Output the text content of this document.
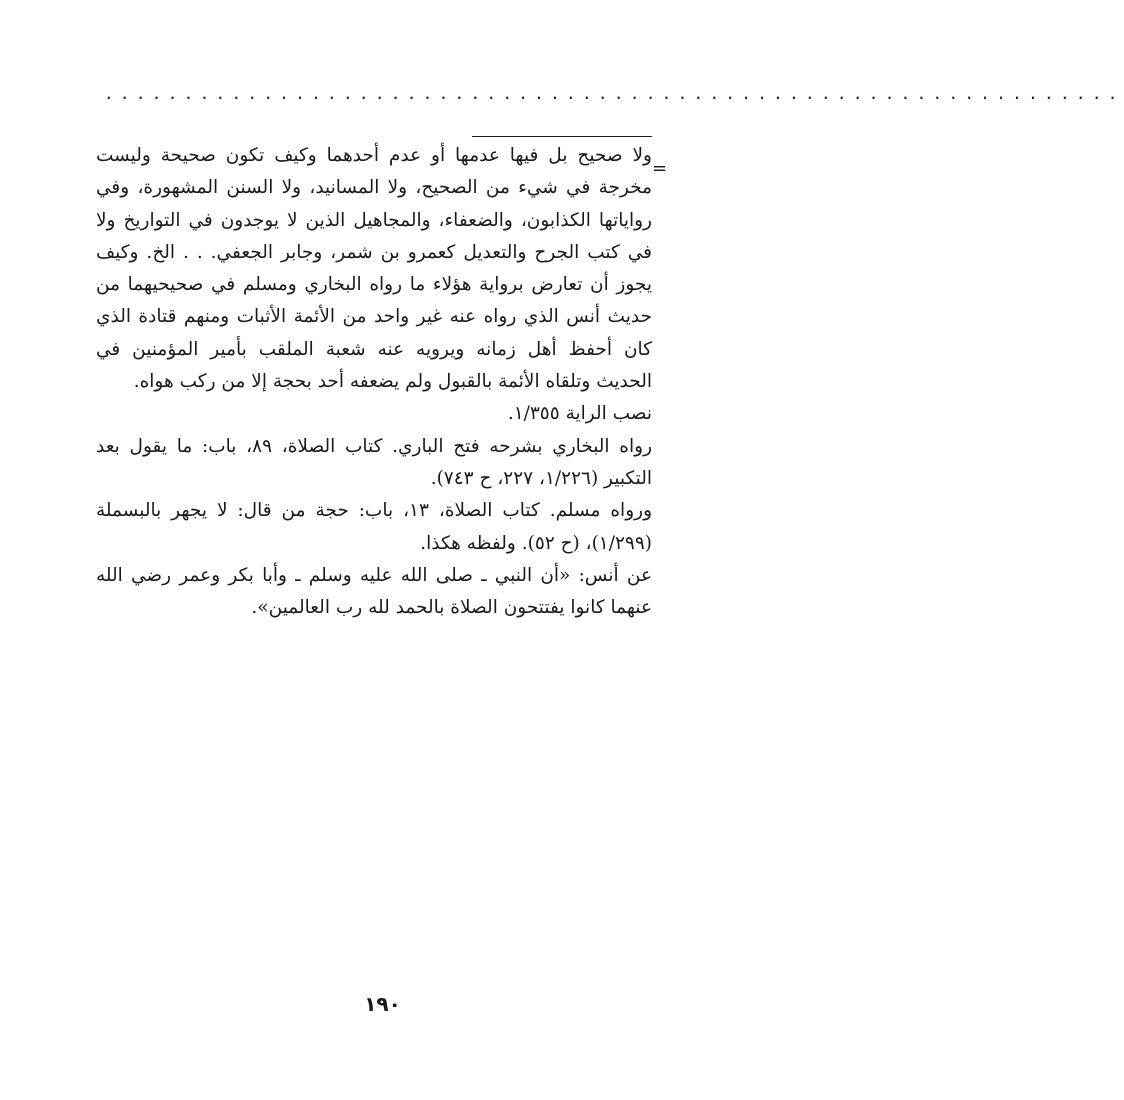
................................................................
=

ولا صحيح بل فيها عدمها أو عدم أحدهما وكيف تكون صحيحة وليست مخرجة في شيء من الصحيح، ولا المسانيد، ولا السنن المشهورة، وفي رواياتها الكذابون، والضعفاء، والمجاهيل الذين لا يوجدون في التواريخ ولا في كتب الجرح والتعديل كعمرو بن شمر، وجابر الجعفي. . . الخ. وكيف يجوز أن تعارض برواية هؤلاء ما رواه البخاري ومسلم في صحيحيهما من حديث أنس الذي رواه عنه غير واحد من الأئمة الأثبات ومنهم قتادة الذي كان أحفظ أهل زمانه ويرويه عنه شعبة الملقب بأمير المؤمنين في الحديث وتلقاه الأئمة بالقبول ولم يضعفه أحد بحجة إلا من ركب هواه.

نصب الراية ١/٣٥٥.

رواه البخاري بشرحه فتح الباري. كتاب الصلاة، ٨٩، باب: ما يقول بعد التكبير (١/٢٢٦، ٢٢٧، ح ٧٤٣).

ورواه مسلم. كتاب الصلاة، ١٣، باب: حجة من قال: لا يجهر بالبسملة (١/٢٩٩)، (ح ٥٢). ولفظه هكذا.

عن أنس: «أن النبي ـ صلى الله عليه وسلم ـ وأبا بكر وعمر رضي الله عنهما كانوا يفتتحون الصلاة بالحمد لله رب العالمين».

١٩٠
